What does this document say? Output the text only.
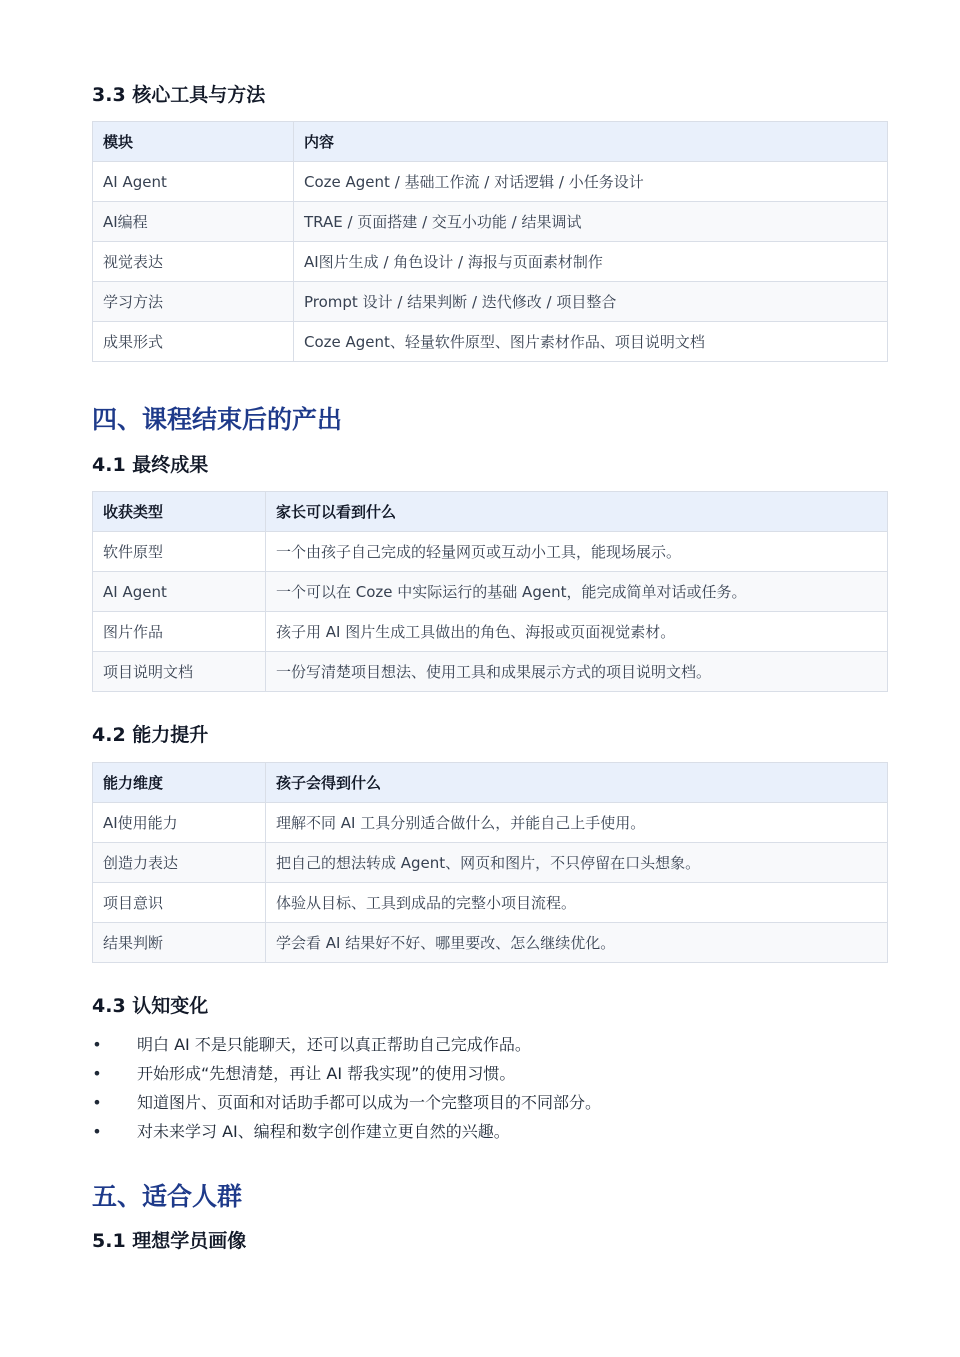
3.3 核心工具与方法
模块	内容
AI Agent	Coze Agent / 基础工作流 / 对话逻辑 / 小任务设计
AI编程	TRAE / 页面搭建 / 交互小功能 / 结果调试
视觉表达	AI图片生成 / 角色设计 / 海报与页面素材制作
学习方法	Prompt 设计 / 结果判断 / 迭代修改 / 项目整合
成果形式	Coze Agent、轻量软件原型、图片素材作品、项目说明文档
四、课程结束后的产出
4.1 最终成果
收获类型	家长可以看到什么
软件原型	一个由孩子自己完成的轻量网页或互动小工具，能现场展示。
AI Agent	一个可以在 Coze 中实际运行的基础 Agent，能完成简单对话或任务。
图片作品	孩子用 AI 图片生成工具做出的角色、海报或页面视觉素材。
项目说明文档	一份写清楚项目想法、使用工具和成果展示方式的项目说明文档。
4.2 能力提升
能力维度	孩子会得到什么
AI使用能力	理解不同 AI 工具分别适合做什么，并能自己上手使用。
创造力表达	把自己的想法转成 Agent、网页和图片，不只停留在口头想象。
项目意识	体验从目标、工具到成品的完整小项目流程。
结果判断	学会看 AI 结果好不好、哪里要改、怎么继续优化。
4.3 认知变化
• 明白 AI 不是只能聊天，还可以真正帮助自己完成作品。
• 开始形成“先想清楚，再让 AI 帮我实现”的使用习惯。
• 知道图片、页面和对话助手都可以成为一个完整项目的不同部分。
• 对未来学习 AI、编程和数字创作建立更自然的兴趣。
五、适合人群
5.1 理想学员画像
